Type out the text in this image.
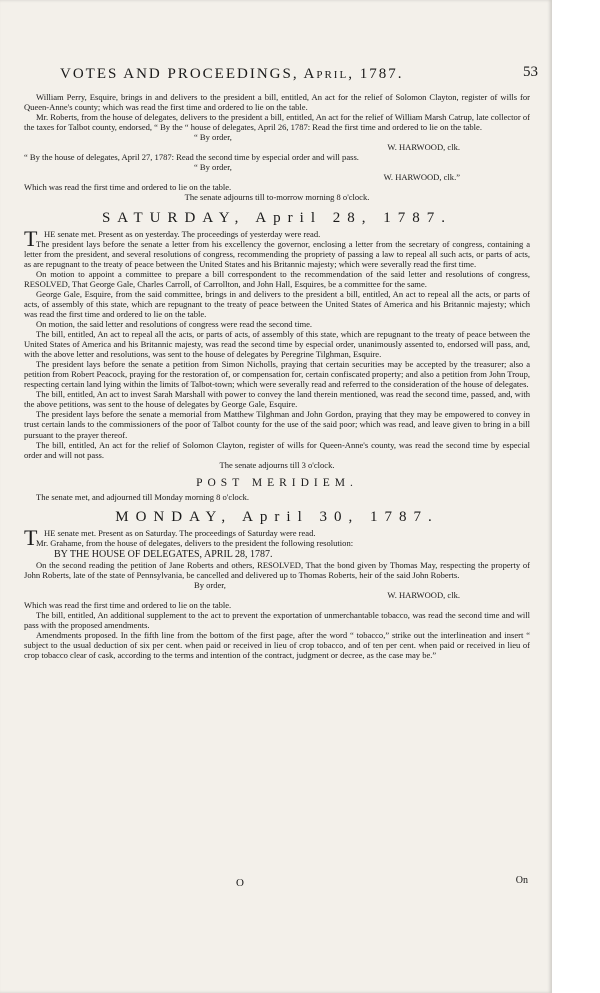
VOTES AND PROCEEDINGS, April, 1787.	53

William Perry, Esquire, brings in and delivers to the president a bill, entitled, An act for the relief of Solomon Clayton, register of wills for Queen-Anne's county; which was read the first time and ordered to lie on the table.

Mr. Roberts, from the house of delegates, delivers to the president a bill, entitled, An act for the relief of William Marsh Catrup, late collector of the taxes for Talbot county, endorsed, “ By the “ house of delegates, April 26, 1787: Read the first time and ordered to lie on the table.

“ By order,

W. HARWOOD, clk.

“ By the house of delegates, April 27, 1787: Read the second time by especial order and will pass.

“ By order,

W. HARWOOD, clk.”

Which was read the first time and ordered to lie on the table.

The senate adjourns till to-morrow morning 8 o'clock.

SATURDAY, April 28, 1787.

T HE senate met. Present as on yesterday. The proceedings of yesterday were read.

The president lays before the senate a letter from his excellency the governor, enclosing a letter from the secretary of congress, containing a letter from the president, and several resolutions of congress, recommending the propriety of passing a law to repeal all such acts, or parts of acts, as are repugnant to the treaty of peace between the United States and his Britannic majesty; which were severally read the first time.

On motion to appoint a committee to prepare a bill correspondent to the recommendation of the said letter and resolutions of congress, RESOLVED, That George Gale, Charles Carroll, of Carrollton, and John Hall, Esquires, be a committee for the same.

George Gale, Esquire, from the said committee, brings in and delivers to the president a bill, entitled, An act to repeal all the acts, or parts of acts, of assembly of this state, which are repugnant to the treaty of peace between the United States of America and his Britannic majesty; which was read the first time and ordered to lie on the table.

On motion, the said letter and resolutions of congress were read the second time.

The bill, entitled, An act to repeal all the acts, or parts of acts, of assembly of this state, which are repugnant to the treaty of peace between the United States of America and his Britannic majesty, was read the second time by especial order, unanimously assented to, endorsed will pass, and, with the above letter and resolutions, was sent to the house of delegates by Peregrine Tilghman, Esquire.

The president lays before the senate a petition from Simon Nicholls, praying that certain securities may be accepted by the treasurer; also a petition from Robert Peacock, praying for the restoration of, or compensation for, certain confiscated property; and also a petition from John Troup, respecting certain land lying within the limits of Talbot-town; which were severally read and referred to the consideration of the house of delegates.

The bill, entitled, An act to invest Sarah Marshall with power to convey the land therein mentioned, was read the second time, passed, and, with the above petitions, was sent to the house of delegates by George Gale, Esquire.

The president lays before the senate a memorial from Matthew Tilghman and John Gordon, praying that they may be empowered to convey in trust certain lands to the commissioners of the poor of Talbot county for the use of the said poor; which was read, and leave given to bring in a bill pursuant to the prayer thereof.

The bill, entitled, An act for the relief of Solomon Clayton, register of wills for Queen-Anne's county, was read the second time by especial order and will not pass.

The senate adjourns till 3 o'clock.

POST MERIDIEM.

The senate met, and adjourned till Monday morning 8 o'clock.

MONDAY, April 30, 1787.

T HE senate met. Present as on Saturday. The proceedings of Saturday were read.

Mr. Grahame, from the house of delegates, delivers to the president the following resolution:

BY THE HOUSE OF DELEGATES, APRIL 28, 1787.

On the second reading the petition of Jane Roberts and others, RESOLVED, That the bond given by Thomas May, respecting the property of John Roberts, late of the state of Pennsylvania, be cancelled and delivered up to Thomas Roberts, heir of the said John Roberts.

By order,

W. HARWOOD, clk.

Which was read the first time and ordered to lie on the table.

The bill, entitled, An additional supplement to the act to prevent the exportation of unmerchantable tobacco, was read the second time and will pass with the proposed amendments.

Amendments proposed. In the fifth line from the bottom of the first page, after the word “ tobacco,” strike out the interlineation and insert “ subject to the usual deduction of six per cent. when paid or received in lieu of crop tobacco, and of ten per cent. when paid or received in lieu of crop tobacco clear of cask, according to the terms and intention of the contract, judgment or decree, as the case may be.”

O	On
